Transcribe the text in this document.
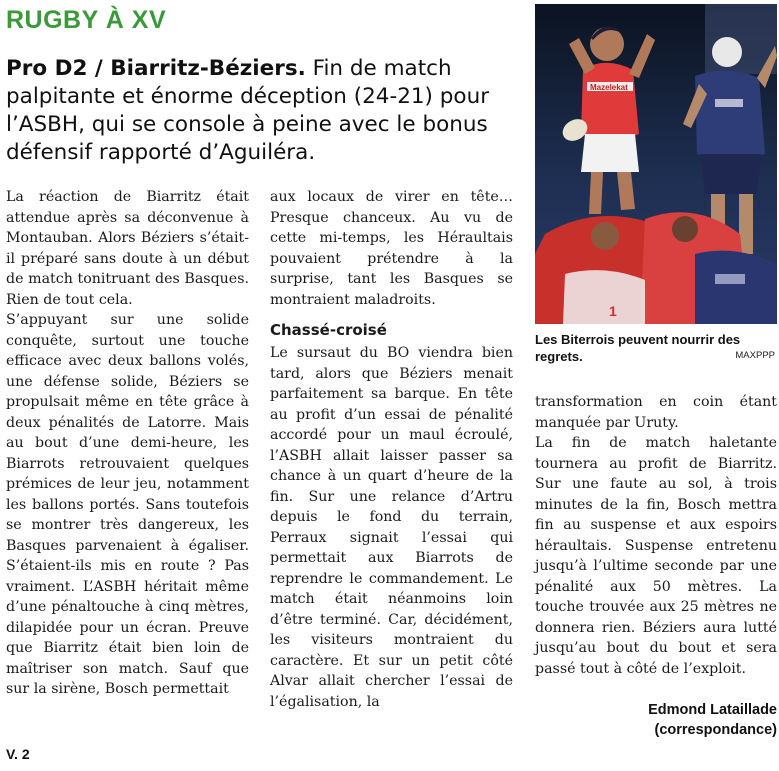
RUGBY À XV
Pro D2 / Biarritz-Béziers. Fin de match palpitante et énorme déception (24-21) pour l’ASBH, qui se console à peine avec le bonus défensif rapporté d’Aguiléra.

La réaction de Biarritz était attendue après sa déconvenue à Montauban. Alors Béziers s’était-il préparé sans doute à un début de match tonitruant des Basques. Rien de tout cela.

S’appuyant sur une solide conquête, surtout une touche efficace avec deux ballons volés, une défense solide, Béziers se propulsait même en tête grâce à deux pénalités de Latorre. Mais au bout d’une demi-heure, les Biarrots retrouvaient quelques prémices de leur jeu, notamment les ballons portés. Sans toutefois se montrer très dangereux, les Basques parvenaient à égaliser. S’étaient-ils mis en route ? Pas vraiment. L’ASBH héritait même d’une pénaltouche à cinq mètres, dilapidée pour un écran. Preuve que Biarritz était bien loin de maîtriser son match. Sauf que sur la sirène, Bosch permettait

aux locaux de virer en tête… Presque chanceux. Au vu de cette mi-temps, les Héraultais pouvaient prétendre à la surprise, tant les Basques se montraient maladroits.

Chassé-croisé

Le sursaut du BO viendra bien tard, alors que Béziers menait parfaitement sa barque. En tête au profit d’un essai de pénalité accordé pour un maul écroulé, l’ASBH allait laisser passer sa chance à un quart d’heure de la fin. Sur une relance d’Artru depuis le fond du terrain, Perraux signait l’essai qui permettait aux Biarrots de reprendre le commandement. Le match était néanmoins loin d’être terminé. Car, décidément, les visiteurs montraient du caractère. Et sur un petit côté Alvar allait chercher l’essai de l’égalisation, la

Mazelekat
1
Les Biterrois peuvent nourrir des regrets.	MAXPPP

transformation en coin étant manquée par Uruty.

La fin de match haletante tournera au profit de Biarritz. Sur une faute au sol, à trois minutes de la fin, Bosch mettra fin au suspense et aux espoirs héraultais. Suspense entretenu jusqu’à l’ultime seconde par une pénalité aux 50 mètres. La touche trouvée aux 25 mètres ne donnera rien. Béziers aura lutté jusqu’au bout du bout et sera passé tout à côté de l’exploit.

Edmond Lataillade
(correspondance)
V. 2
